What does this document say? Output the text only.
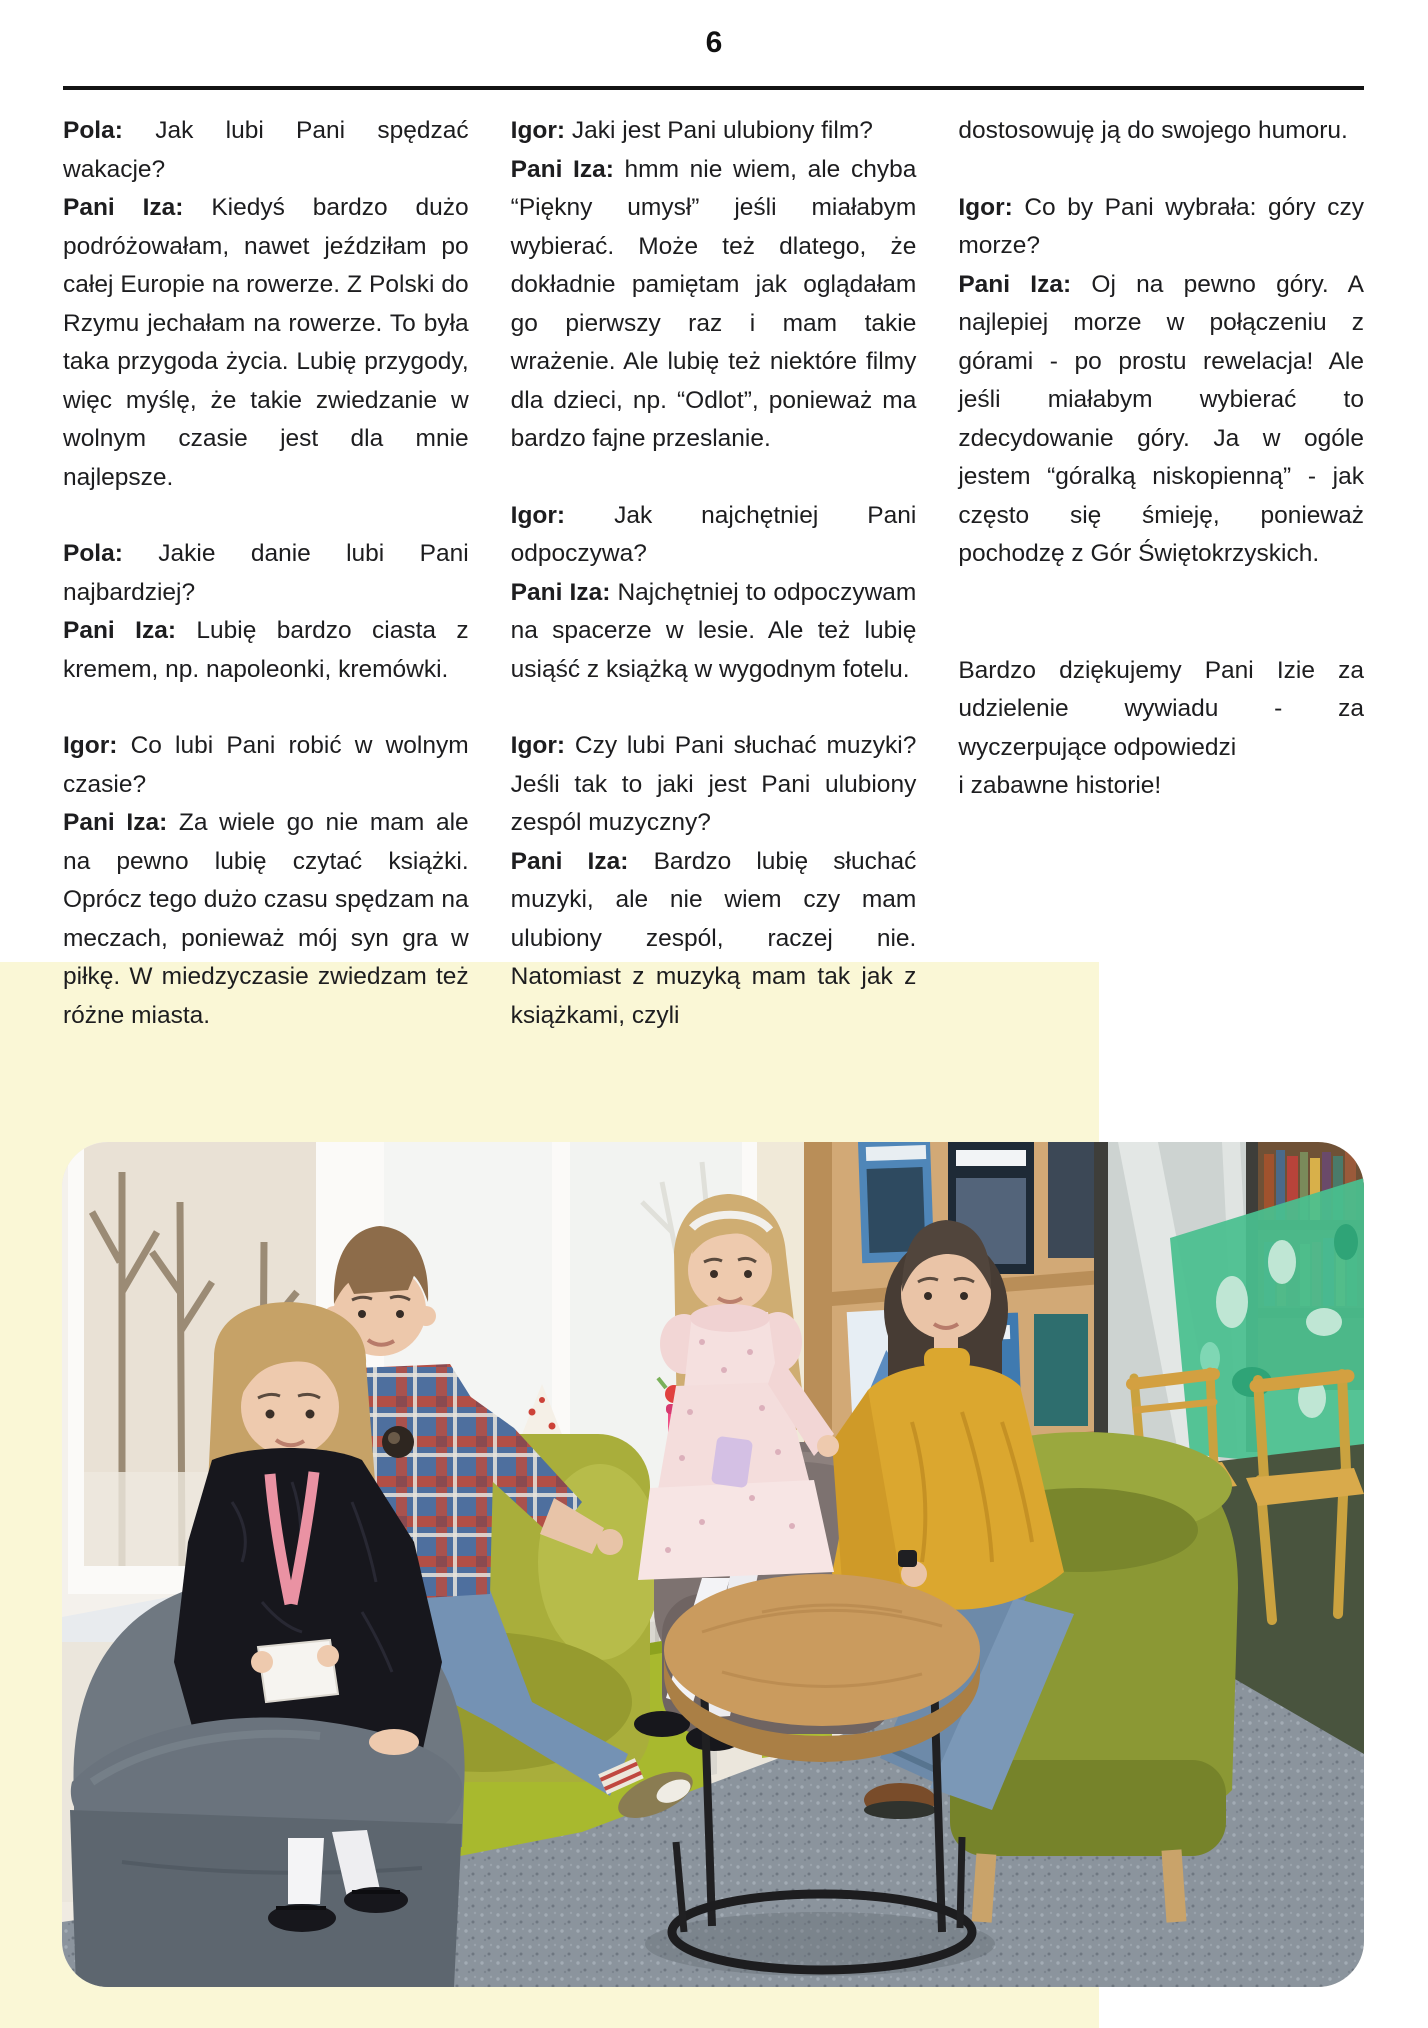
6

Pola: Jak lubi Pani spędzać wakacje?

Pani Iza: Kiedyś bardzo dużo podróżowałam, nawet jeździłam po całej Europie na rowerze. Z Polski do Rzymu jechałam na rowerze. To była taka przygoda życia. Lubię przygody, więc myślę, że takie zwiedzanie w wolnym czasie jest dla mnie najlepsze.

Pola: Jakie danie lubi Pani najbardziej?

Pani Iza: Lubię bardzo ciasta z kremem, np. napoleonki, kremówki.

Igor: Co lubi Pani robić w wolnym czasie?

Pani Iza: Za wiele go nie mam ale na pewno lubię czytać książki. Oprócz tego dużo czasu spędzam na meczach, ponieważ mój syn gra w piłkę. W miedzyczasie zwiedzam też różne miasta.

Igor: Jaki jest Pani ulubiony film?

Pani Iza: hmm nie wiem, ale chyba “Piękny umysł” jeśli miałabym wybierać. Może też dlatego, że dokładnie pamiętam jak oglądałam go pierwszy raz i mam takie wrażenie. Ale lubię też niektóre filmy dla dzieci, np. “Odlot”, ponieważ ma bardzo fajne przeslanie.

Igor: Jak najchętniej Pani odpoczywa?

Pani Iza: Najchętniej to odpoczywam na spacerze w lesie. Ale też lubię usiąść z książką w wygodnym fotelu.

Igor: Czy lubi Pani słuchać muzyki? Jeśli tak to jaki jest Pani ulubiony zespól muzyczny?

Pani Iza: Bardzo lubię słuchać muzyki, ale nie wiem czy mam ulubiony zespól, raczej nie. Natomiast z muzyką mam tak jak z książkami, czyli

dostosowuję ją do swojego humoru.

Igor: Co by Pani wybrała: góry czy morze?

Pani Iza: Oj na pewno góry. A najlepiej morze w połączeniu z górami - po prostu rewelacja! Ale jeśli miałabym wybierać to zdecydowanie góry. Ja w ogóle jestem “góralką niskopienną” - jak często się śmieję, ponieważ pochodzę z Gór Świętokrzyskich.

Bardzo dziękujemy Pani Izie za udzielenie wywiadu - za wyczerpujące odpowiedzi

i zabawne historie!
